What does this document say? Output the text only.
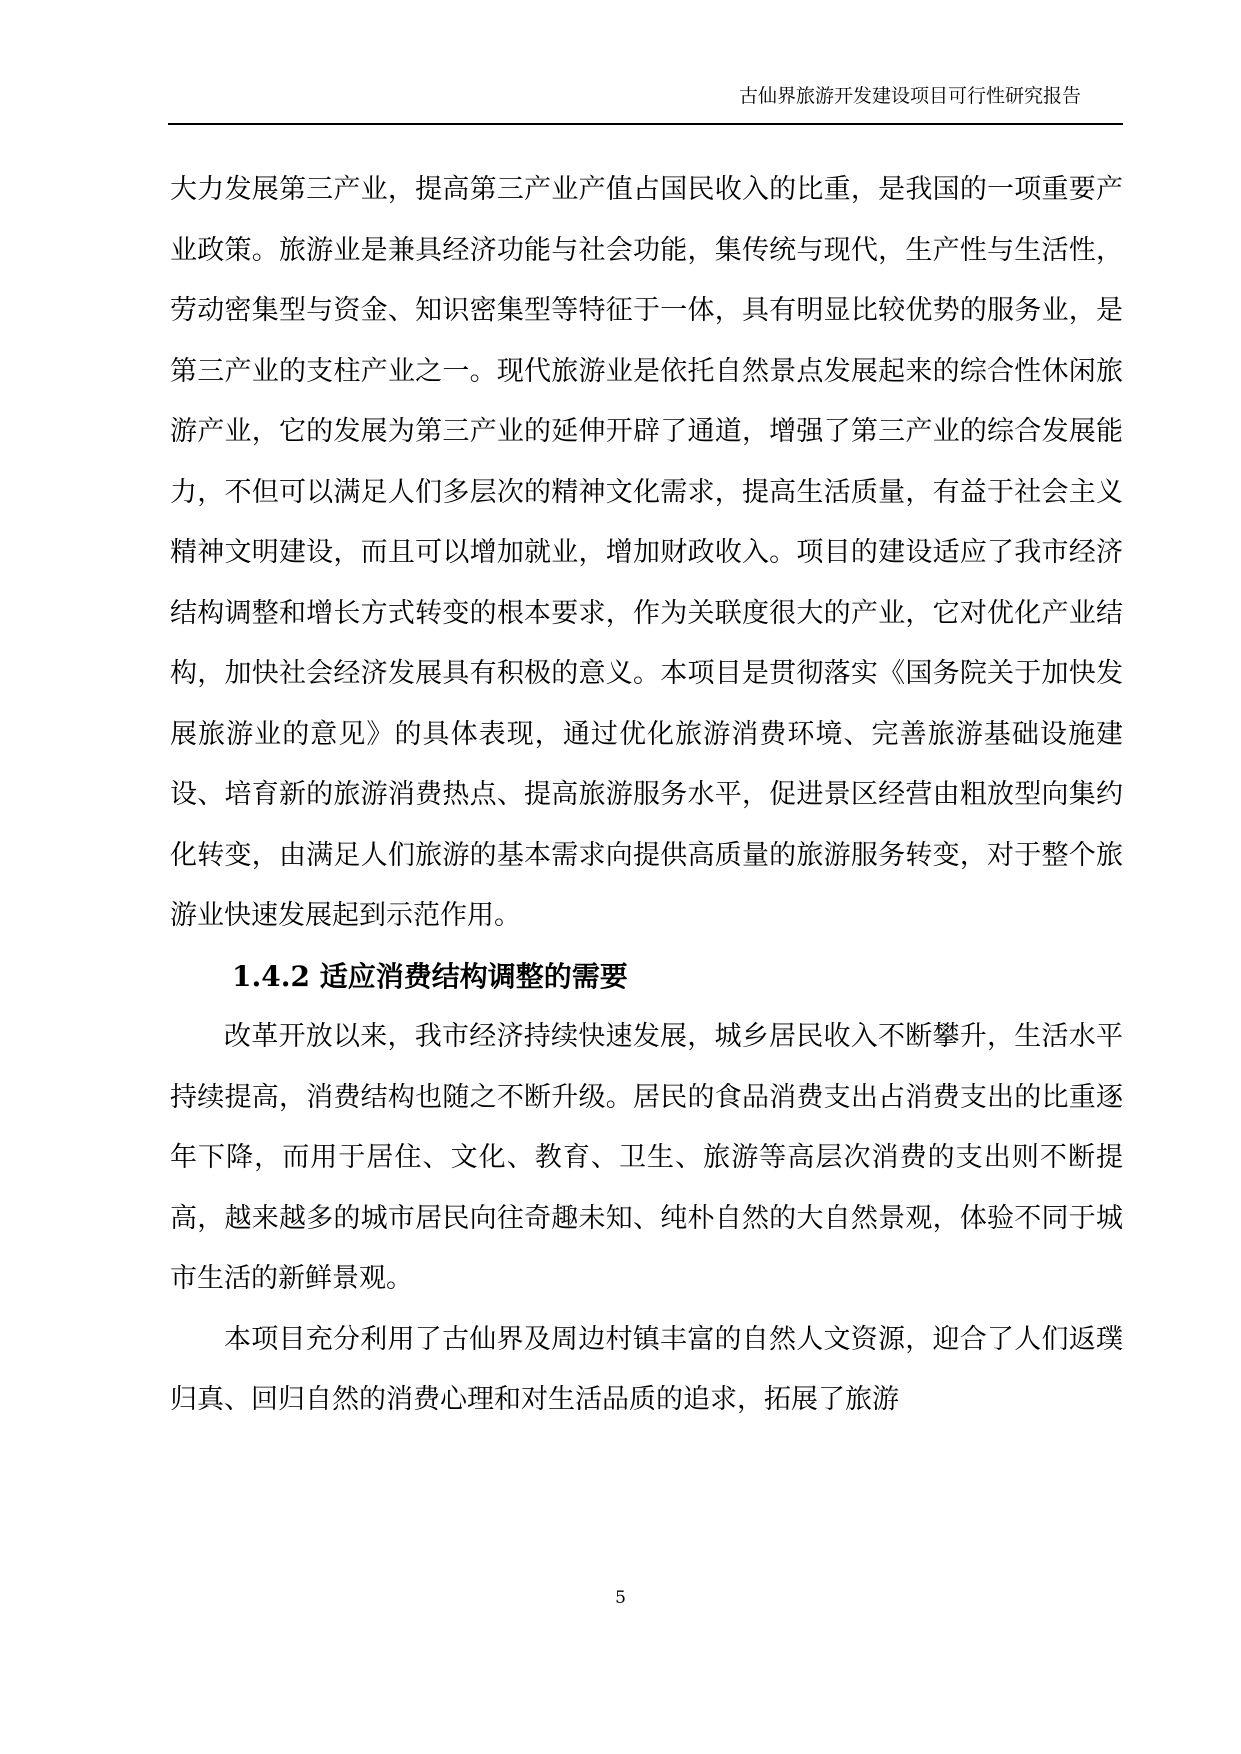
古仙界旅游开发建设项目可行性研究报告

大力发展第三产业，提高第三产业产值占国民收入的比重，是我国的一项重要产业政策。旅游业是兼具经济功能与社会功能，集传统与现代，生产性与生活性，劳动密集型与资金、知识密集型等特征于一体，具有明显比较优势的服务业，是第三产业的支柱产业之一。现代旅游业是依托自然景点发展起来的综合性休闲旅游产业，它的发展为第三产业的延伸开辟了通道，增强了第三产业的综合发展能力，不但可以满足人们多层次的精神文化需求，提高生活质量，有益于社会主义精神文明建设，而且可以增加就业，增加财政收入。项目的建设适应了我市经济结构调整和增长方式转变的根本要求，作为关联度很大的产业，它对优化产业结构，加快社会经济发展具有积极的意义。本项目是贯彻落实《国务院关于加快发展旅游业的意见》的具体表现，通过优化旅游消费环境、完善旅游基础设施建设、培育新的旅游消费热点、提高旅游服务水平，促进景区经营由粗放型向集约化转变，由满足人们旅游的基本需求向提供高质量的旅游服务转变，对于整个旅游业快速发展起到示范作用。

1.4.2 适应消费结构调整的需要

改革开放以来，我市经济持续快速发展，城乡居民收入不断攀升，生活水平持续提高，消费结构也随之不断升级。居民的食品消费支出占消费支出的比重逐年下降，而用于居住、文化、教育、卫生、旅游等高层次消费的支出则不断提高，越来越多的城市居民向往奇趣未知、纯朴自然的大自然景观，体验不同于城市生活的新鲜景观。

本项目充分利用了古仙界及周边村镇丰富的自然人文资源，迎合了人们返璞归真、回归自然的消费心理和对生活品质的追求，拓展了旅游

5
